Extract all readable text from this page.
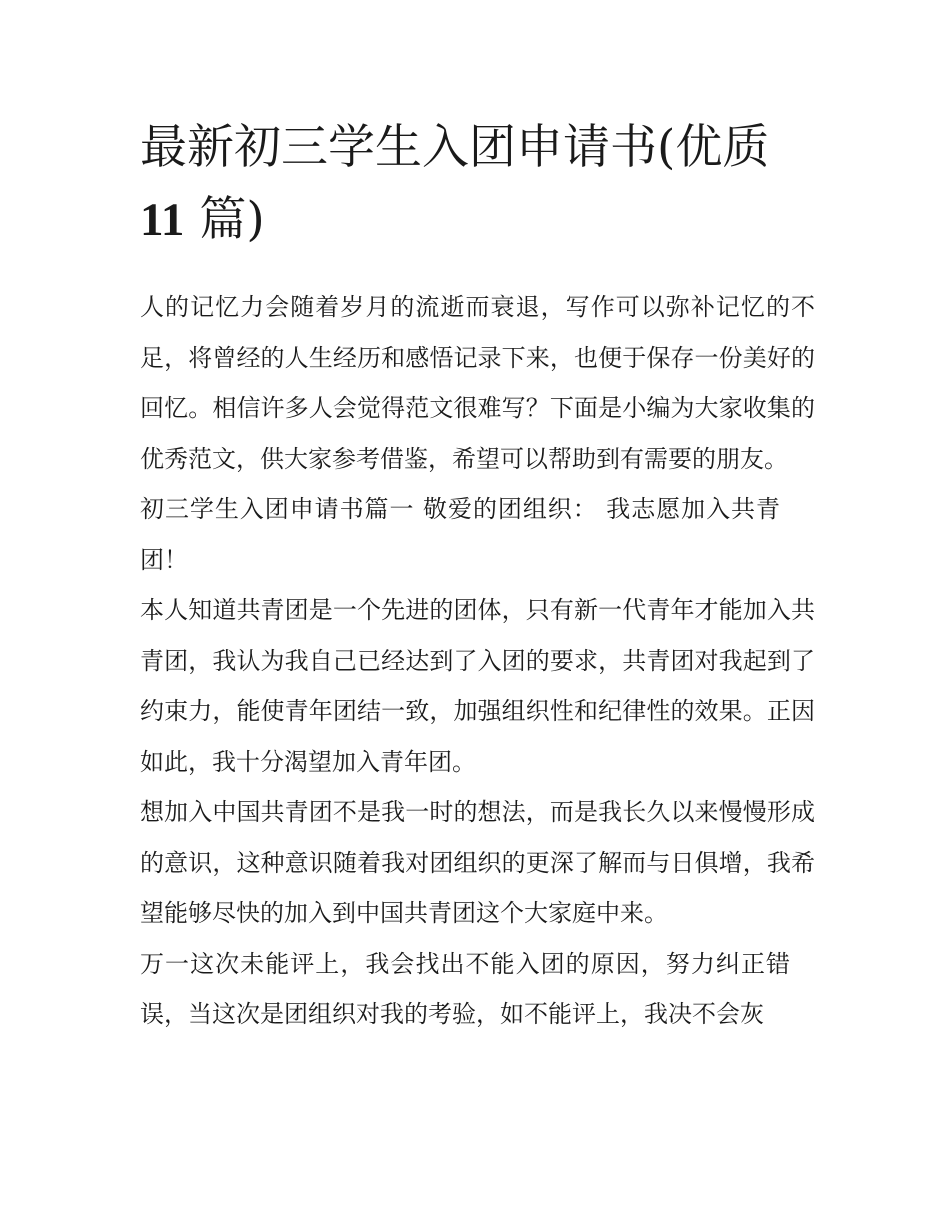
最新初三学生入团申请书(优质
11 篇)

人的记忆力会随着岁月的流逝而衰退，写作可以弥补记忆的不足，将曾经的人生经历和感悟记录下来，也便于保存一份美好的回忆。相信许多人会觉得范文很难写？下面是小编为大家收集的优秀范文，供大家参考借鉴，希望可以帮助到有需要的朋友。

初三学生入团申请书篇一 敬爱的团组织： 我志愿加入共青团！

本人知道共青团是一个先进的团体，只有新一代青年才能加入共青团，我认为我自己已经达到了入团的要求，共青团对我起到了约束力，能使青年团结一致，加强组织性和纪律性的效果。正因如此，我十分渴望加入青年团。

想加入中国共青团不是我一时的想法，而是我长久以来慢慢形成的意识，这种意识随着我对团组织的更深了解而与日俱增，我希望能够尽快的加入到中国共青团这个大家庭中来。

万一这次未能评上，我会找出不能入团的原因，努力纠正错误，当这次是团组织对我的考验，如不能评上，我决不会灰
